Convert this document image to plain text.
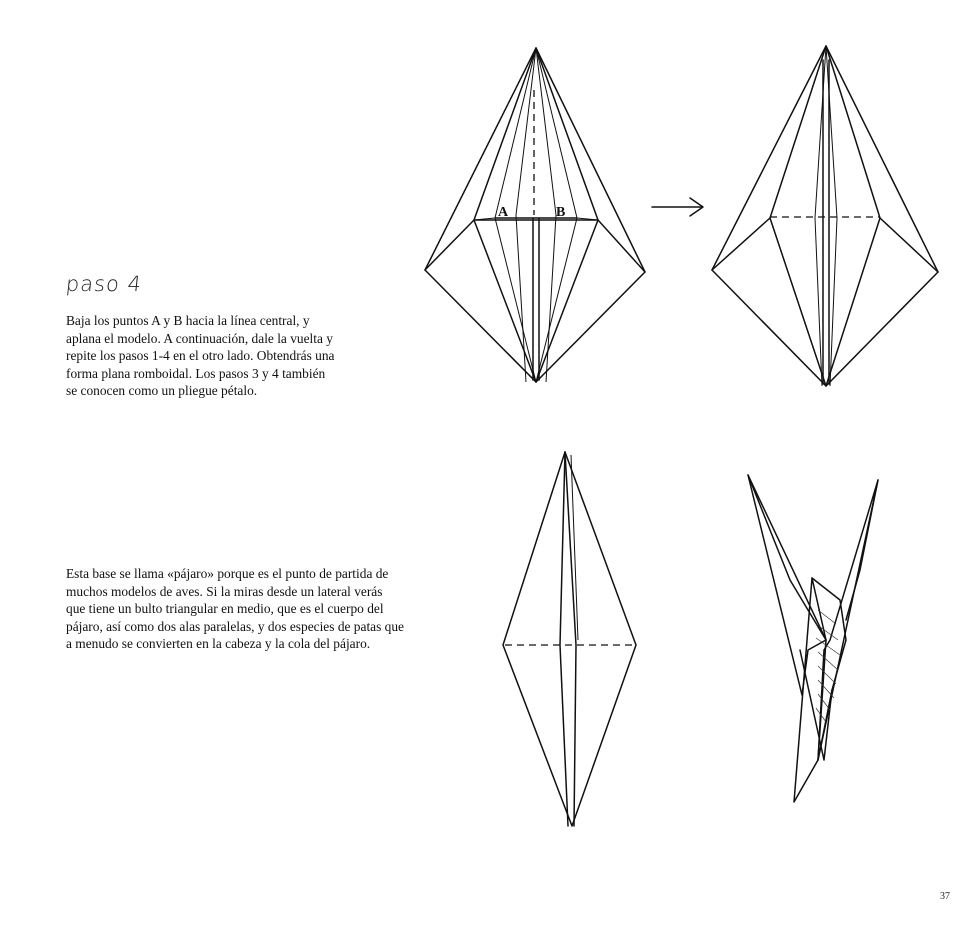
A	B
paso 4

Baja los puntos A y B hacia la línea central, y

aplana el modelo. A continuación, dale la vuelta y

repite los pasos 1-4 en el otro lado. Obtendrás una

forma plana romboidal. Los pasos 3 y 4 también

se conocen como un pliegue pétalo.

Esta base se llama «pájaro» porque es el punto de partida de

muchos modelos de aves. Si la miras desde un lateral verás

que tiene un bulto triangular en medio, que es el cuerpo del

pájaro, así como dos alas paralelas, y dos especies de patas que

a menudo se convierten en la cabeza y la cola del pájaro.

37
